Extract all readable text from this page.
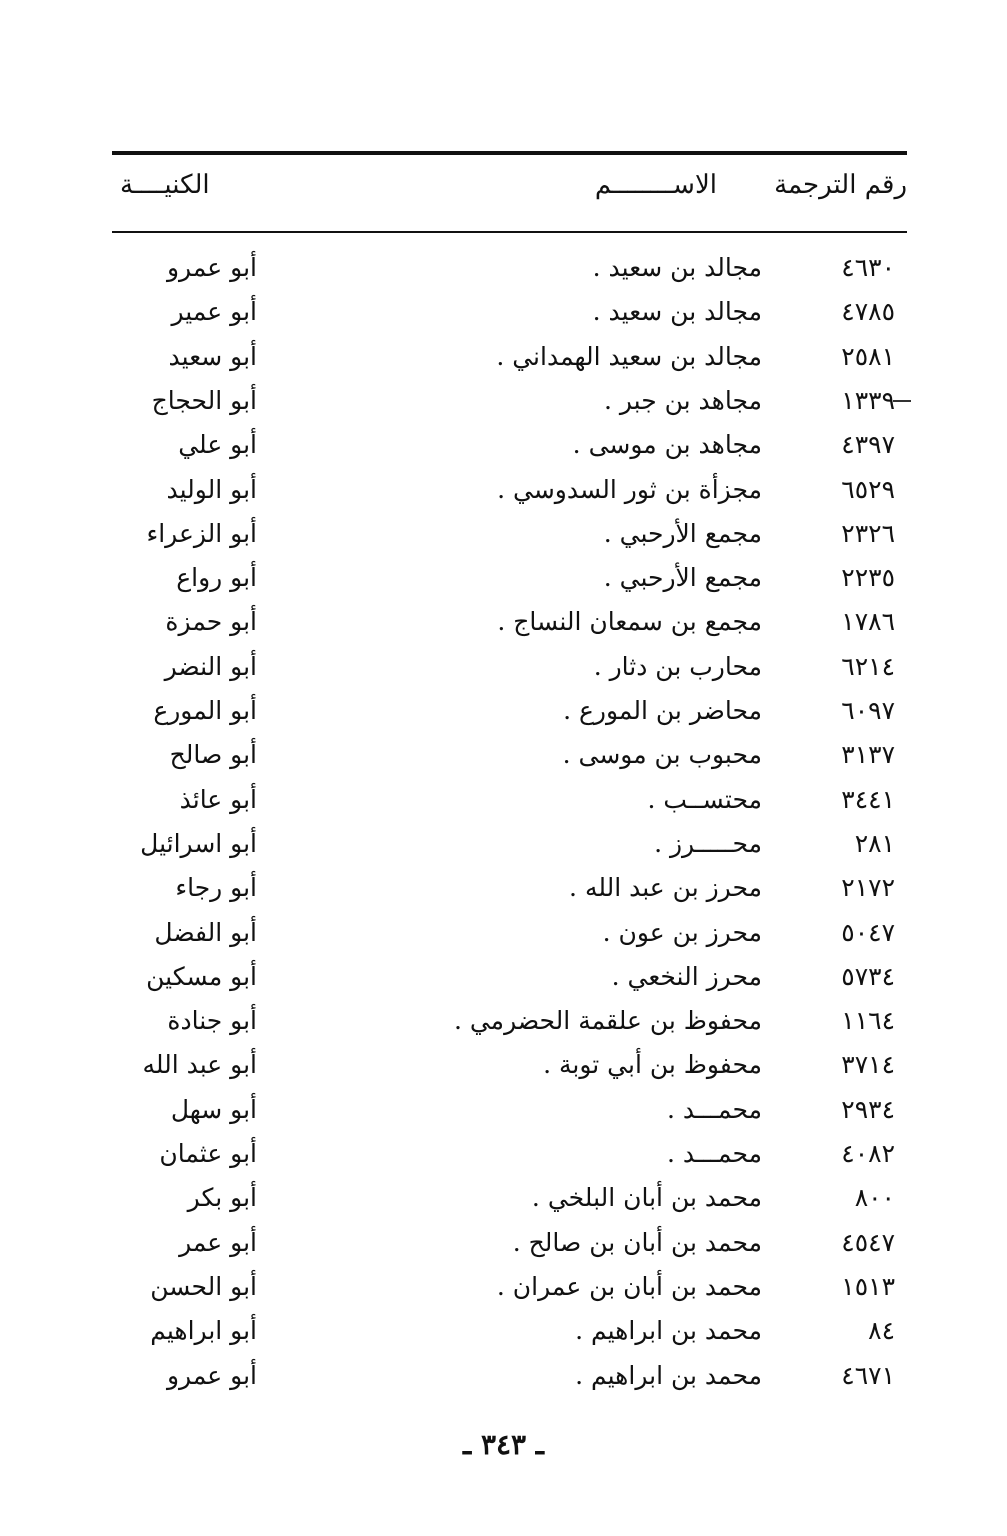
رقم الترجمة
الاســــــــم
الكنيــــة
٤٦٣٠
مجالد بن سعيد .
أبو عمرو
٤٧٨٥
مجالد بن سعيد .
أبو عمير
٢٥٨١
مجالد بن سعيد الهمداني .
أبو سعيد
١٣٣٩
مجاهد بن جبر .
أبو الحجاج
٤٣٩٧
مجاهد بن موسى .
أبو علي
٦٥٢٩
مجزأة بن ثور السدوسي .
أبو الوليد
٢٣٢٦
مجمع الأرحبي .
أبو الزعراء
٢٢٣٥
مجمع الأرحبي .
أبو رواع
١٧٨٦
مجمع بن سمعان النساج .
أبو حمزة
٦٢١٤
محارب بن دثار .
أبو النضر
٦٠٩٧
محاضر بن المورع .
أبو المورع
٣١٣٧
محبوب بن موسى .
أبو صالح
٣٤٤١
محتســب .
أبو عائذ
٢٨١
محـــــرز .
أبو اسرائيل
٢١٧٢
محرز بن عبد الله .
أبو رجاء
٥٠٤٧
محرز بن عون .
أبو الفضل
٥٧٣٤
محرز النخعي .
أبو مسكين
١١٦٤
محفوظ بن علقمة الحضرمي .
أبو جنادة
٣٧١٤
محفوظ بن أبي توبة .
أبو عبد الله
٢٩٣٤
محمـــد .
أبو سهل
٤٠٨٢
محمـــد .
أبو عثمان
٨٠٠
محمد بن أبان البلخي .
أبو بكر
٤٥٤٧
محمد بن أبان بن صالح .
أبو عمر
١٥١٣
محمد بن أبان بن عمران .
أبو الحسن
٨٤
محمد بن ابراهيم .
أبو ابراهيم
٤٦٧١
محمد بن ابراهيم .
أبو عمرو
ـ ٣٤٣ ـ
